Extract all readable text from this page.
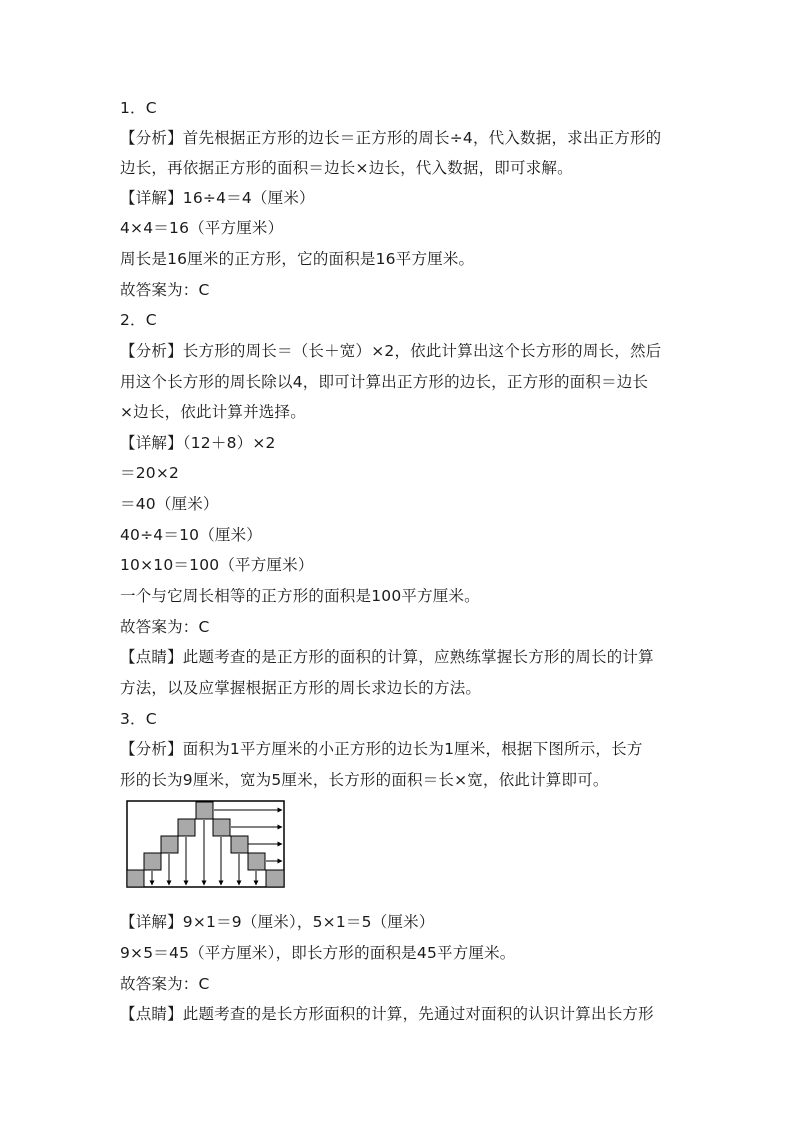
1．C
【分析】首先根据正方形的边长＝正方形的周长÷4，代入数据，求出正方形的
边长，再依据正方形的面积＝边长×边长，代入数据，即可求解。
【详解】16÷4＝4（厘米）
4×4＝16（平方厘米）
周长是16厘米的正方形，它的面积是16平方厘米。
故答案为：C
2．C
【分析】长方形的周长＝（长＋宽）×2，依此计算出这个长方形的周长，然后
用这个长方形的周长除以4，即可计算出正方形的边长，正方形的面积＝边长
×边长，依此计算并选择。
【详解】（12＋8）×2
＝20×2
＝40（厘米）
40÷4＝10（厘米）
10×10＝100（平方厘米）
一个与它周长相等的正方形的面积是100平方厘米。
故答案为：C
【点睛】此题考查的是正方形的面积的计算，应熟练掌握长方形的周长的计算
方法，以及应掌握根据正方形的周长求边长的方法。
3．C
【分析】面积为1平方厘米的小正方形的边长为1厘米，根据下图所示，长方
形的长为9厘米，宽为5厘米，长方形的面积＝长×宽，依此计算即可。
【详解】9×1＝9（厘米），5×1＝5（厘米）
9×5＝45（平方厘米），即长方形的面积是45平方厘米。
故答案为：C
【点睛】此题考查的是长方形面积的计算，先通过对面积的认识计算出长方形
